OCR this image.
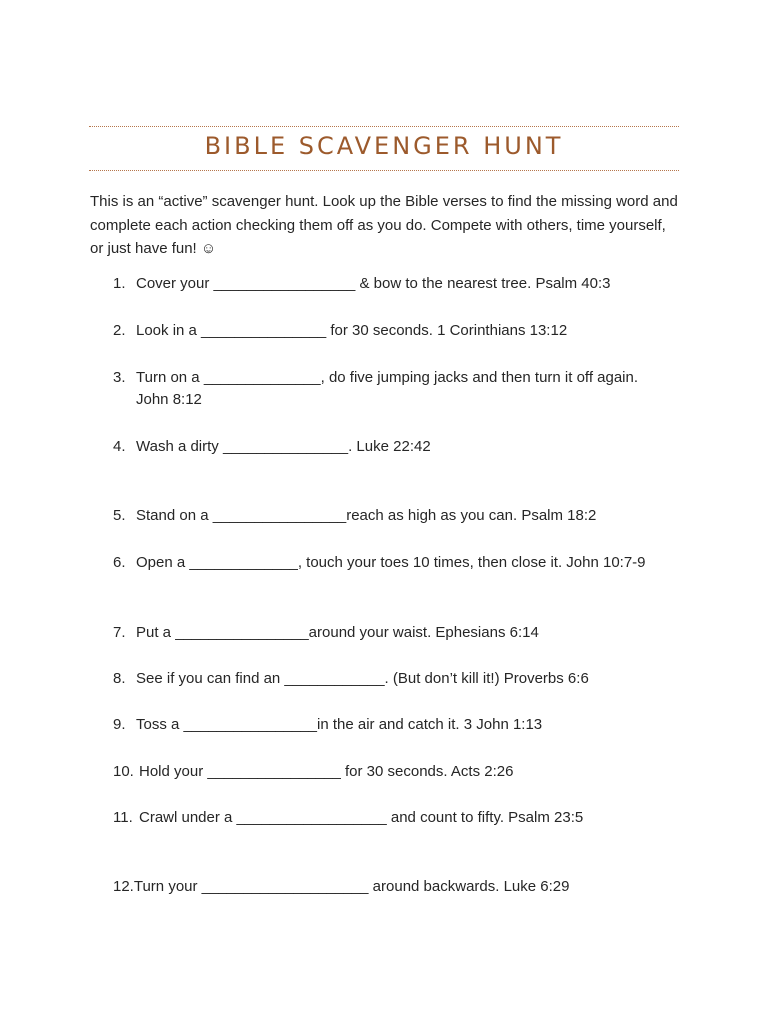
BIBLE SCAVENGER HUNT
This is an “active” scavenger hunt. Look up the Bible verses to find the missing word and complete each action checking them off as you do. Compete with others, time yourself, or just have fun! ☺
1. Cover your _________________ & bow to the nearest tree. Psalm 40:3
2. Look in a _______________ for 30 seconds. 1 Corinthians 13:12
3. Turn on a ______________, do five jumping jacks and then turn it off again.
John 8:12
4. Wash a dirty _______________. Luke 22:42
5. Stand on a ________________reach as high as you can. Psalm 18:2
6. Open a _____________, touch your toes 10 times, then close it. John 10:7-9
7. Put a ________________around your waist. Ephesians 6:14
8. See if you can find an ____________. (But don’t kill it!) Proverbs 6:6
9. Toss a ________________in the air and catch it. 3 John 1:13
10. Hold your ________________ for 30 seconds. Acts 2:26
11. Crawl under a __________________ and count to fifty. Psalm 23:5
12.Turn your ____________________ around backwards. Luke 6:29
